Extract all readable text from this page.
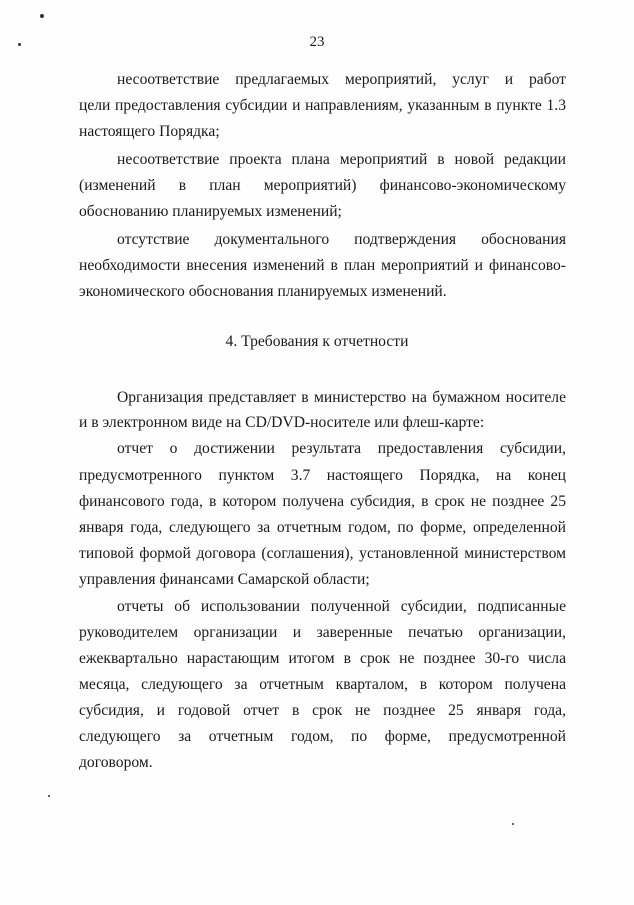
23
несоответствие предлагаемых мероприятий, услуг и работ
цели предоставления субсидии и направлениям, указанным в пункте 1.3
настоящего Порядка;
несоответствие проекта плана мероприятий в новой редакции
(изменений в план мероприятий) финансово-экономическому
обоснованию планируемых изменений;
отсутствие документального подтверждения обоснования
необходимости внесения изменений в план мероприятий и финансово-
экономического обоснования планируемых изменений.
4. Требования к отчетности
Организация представляет в министерство на бумажном носителе
и в электронном виде на CD/DVD-носителе или флеш-карте:
отчет о достижении результата предоставления субсидии,
предусмотренного пунктом 3.7 настоящего Порядка, на конец
финансового года, в котором получена субсидия, в срок не позднее 25
января года, следующего за отчетным годом, по форме, определенной
типовой формой договора (соглашения), установленной министерством
управления финансами Самарской области;
отчеты об использовании полученной субсидии, подписанные
руководителем организации и заверенные печатью организации,
ежеквартально нарастающим итогом в срок не позднее 30-го числа
месяца, следующего за отчетным кварталом, в котором получена
субсидия, и годовой отчет в срок не позднее 25 января года,
следующего за отчетным годом, по форме, предусмотренной
договором.
